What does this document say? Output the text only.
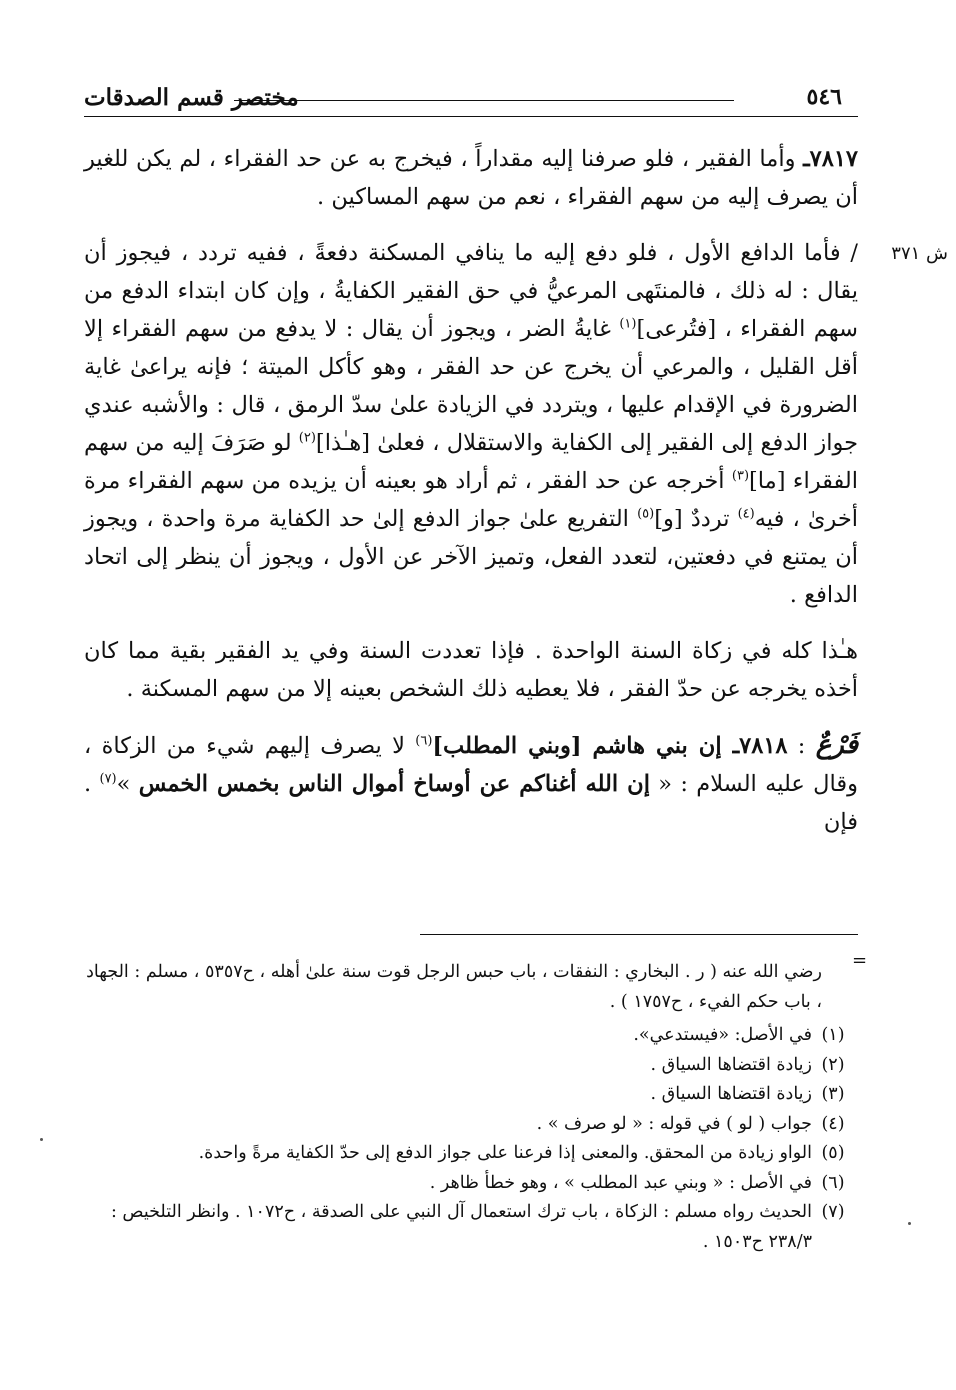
٥٤٦
مختصر قسم الصدقات
ش ٣٧١

٧٨١٧ـ وأما الفقير ، فلو صرفنا إليه مقداراً ، فيخرج به عن حد الفقراء ، لم يكن للغير أن يصرف إليه من سهم الفقراء ، نعم من سهم المساكين .

/ فأما الدافع الأول ، فلو دفع إليه ما ينافي المسكنة دفعةً ، ففيه تردد ، فيجوز أن يقال : له ذلك ، فالمنتَهى المرعيُّ في حق الفقير الكفايةُ ، وإن كان ابتداء الدفع من سهم الفقراء ، [فتُرعى]$^{(١)}$ غايةُ الضر ، ويجوز أن يقال : لا يدفع من سهم الفقراء إلا أقل القليل ، والمرعي أن يخرج عن حد الفقر ، وهو كأكل الميتة ؛ فإنه يراعىٰ غاية الضرورة في الإقدام عليها ، ويتردد في الزيادة علىٰ سدّ الرمق ، قال : والأشبه عندي جواز الدفع إلى الفقير إلى الكفاية والاستقلال ، فعلىٰ [هـٰذا]$^{(٢)}$ لو صَرَفَ إليه من سهم الفقراء [ما]$^{(٣)}$ أخرجه عن حد الفقر ، ثم أراد هو بعينه أن يزيده من سهم الفقراء مرة أخرىٰ ، فيه$^{(٤)}$ ترددٌ [و]$^{(٥)}$ التفريع علىٰ جواز الدفع إلىٰ حد الكفاية مرة واحدة ، ويجوز أن يمتنع في دفعتين، لتعدد الفعل، وتميز الآخر عن الأول ، ويجوز أن ينظر إلى اتحاد الدافع .

هـٰذا كله في زكاة السنة الواحدة . فإذا تعددت السنة وفي يد الفقير بقية مما كان أخذه يخرجه عن حدّ الفقر ، فلا يعطيه ذلك الشخص بعينه إلا من سهم المسكنة .

فَرْعٌ : ٧٨١٨ـ إن بني هاشم [وبني المطلب]$^{(٦)}$ لا يصرف إليهم شيء من الزكاة ، وقال عليه السلام : « إن الله أغناكم عن أوساخ أموال الناس بخمس الخمس »$^{(٧)}$ . فإن

=

رضي الله عنه ( ر . البخاري : النفقات ، باب حبس الرجل قوت سنة علىٰ أهله ، ح٥٣٥٧ ، مسلم : الجهاد ، باب حكم الفيء ، ح١٧٥٧ ) .

(١)
في الأصل: «فيستدعي».
(٢)
زيادة اقتضاها السياق .
(٣)
زيادة اقتضاها السياق .
(٤)
جواب ( لو ) في قوله : « لو صرف » .
(٥)
الواو زيادة من المحقق. والمعنى إذا فرعنا على جواز الدفع إلى حدّ الكفاية مرةً واحدة.
(٦)
في الأصل : « وبني عبد المطلب » ، وهو خطأ ظاهر .
(٧)
الحديث رواه مسلم : الزكاة ، باب ترك استعمال آل النبي على الصدقة ، ح١٠٧٢ . وانظر التلخيص : ٢٣٨/٣ ح١٥٠٣ .
